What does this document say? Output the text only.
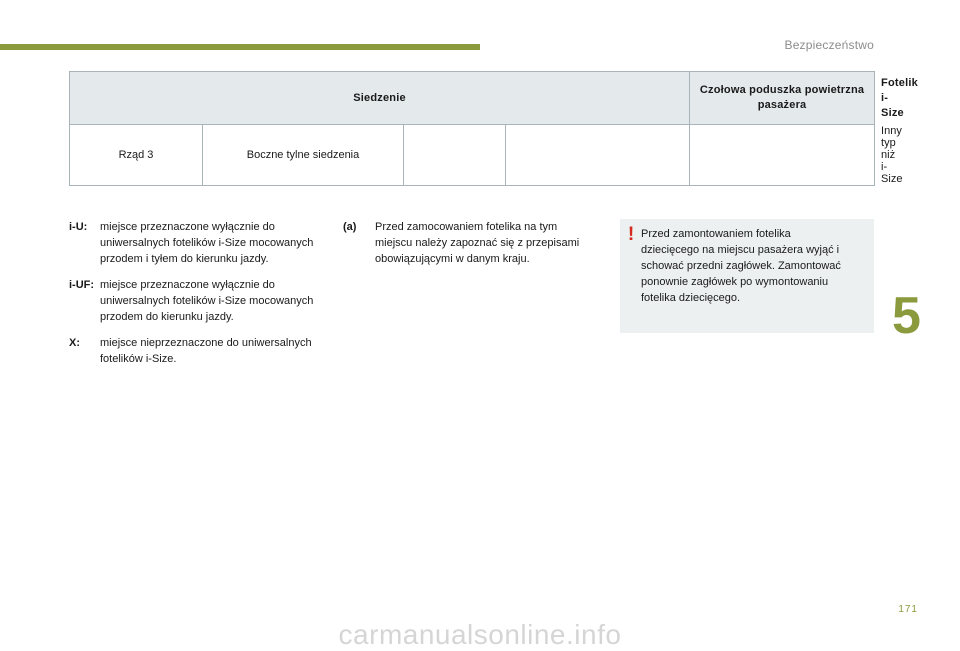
Bezpieczeństwo
Siedzenie				Czołowa poduszka powietrzna pasażera	Fotelik i-Size
Rząd 3	Boczne tylne siedzenia				Inny typ niż i-Size
i-U:	miejsce przeznaczone wyłącznie do uniwersalnych fotelików i-Size mocowanych przodem i tyłem do kierunku jazdy.
i-UF: miejsce przeznaczone wyłącznie do uniwersalnych fotelików i-Size mocowanych przodem do kierunku jazdy.
X:	miejsce nieprzeznaczone do uniwersalnych fotelików i-Size.
(a)	Przed zamocowaniem fotelika na tym miejscu należy zapoznać się z przepisami obowiązującymi w danym kraju.
! Przed zamontowaniem fotelika dziecięcego na miejscu pasażera wyjąć i schować przedni zagłówek. Zamontować ponownie zagłówek po wymontowaniu fotelika dziecięcego.	5
171
carmanualsonline.info
